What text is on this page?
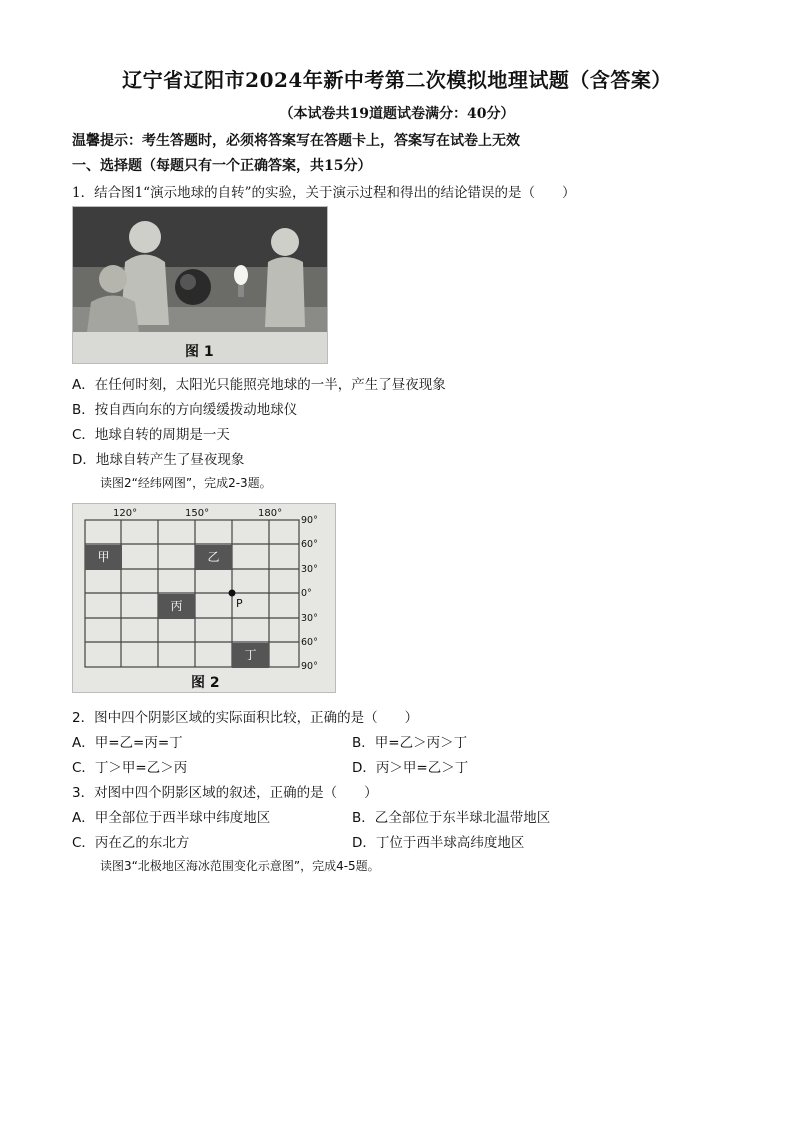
辽宁省辽阳市2024年新中考第二次模拟地理试题（含答案）
（本试卷共19道题试卷满分：40分）
温馨提示：考生答题时，必须将答案写在答题卡上，答案写在试卷上无效
一、选择题（每题只有一个正确答案，共15分）
1．结合图1“演示地球的自转”的实验，关于演示过程和得出的结论错误的是（　　）
图 1
A．在任何时刻，太阳光只能照亮地球的一半，产生了昼夜现象
B．按自西向东的方向缓缓拨动地球仪
C．地球自转的周期是一天
D．地球自转产生了昼夜现象
读图2“经纬网图”，完成2-3题。
120°	150°	180°
90°
60°
30°
0°
30°
60°
90°
甲	乙
丙
丁
P
图 2
2．图中四个阴影区域的实际面积比较，正确的是（　　）
A．甲=乙=丙=丁	B．甲=乙＞丙＞丁
C．丁＞甲=乙＞丙	D．丙＞甲=乙＞丁
3．对图中四个阴影区域的叙述，正确的是（　　）
A．甲全部位于西半球中纬度地区	B．乙全部位于东半球北温带地区
C．丙在乙的东北方	D．丁位于西半球高纬度地区
读图3“北极地区海冰范围变化示意图”，完成4-5题。
